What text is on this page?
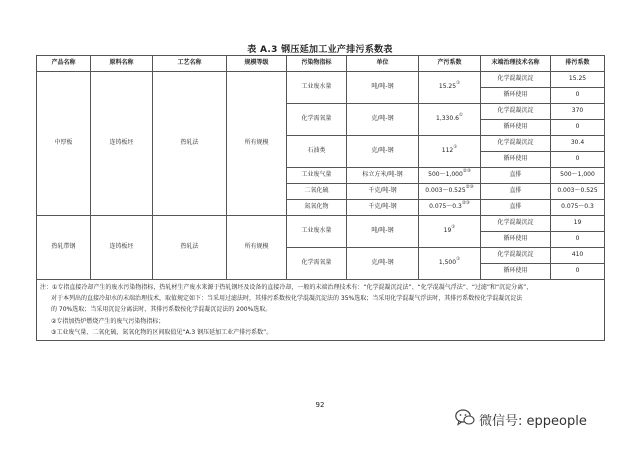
表 A.3 钢压延加工业产排污系数表
产品名称	原料名称	工艺名称	规模等级	污染物指标	单位	产污系数	末端治理技术名称	排污系数
中厚板	连铸板坯	热轧法	所有规模	工业废水量	吨/吨-钢	15.25①	化学混凝沉淀	15.25
							循环使用	0
				化学需氧量	克/吨-钢	1,330.6①	化学混凝沉淀	370
							循环使用	0
				石油类	克/吨-钢	112①	化学混凝沉淀	30.4
							循环使用	0
				工业废气量	标立方米/吨-钢	500～1,000②③	直排	500～1,000
				二氧化硫	千克/吨-钢	0.003～0.525②③	直排	0.003～0.525
				氮氧化物	千克/吨-钢	0.075～0.3②③	直排	0.075～0.3
热轧带钢	连铸板坯	热轧法	所有规模	工业废水量	吨/吨-钢	19①	化学混凝沉淀	19
							循环使用	0
				化学需氧量	克/吨-钢	1,500①	化学混凝沉淀	410
							循环使用	0

注：①专指直接冷却产生的废水污染物指标，热轧材生产废水来源于热轧钢坯及设备的直接冷却，一般的末端治理技术有：“化学混凝沉淀法”、“化学混凝气浮法”、“过滤”和“沉淀分离”，
对于本列出的直接冷却水的末端治理技术，取值规定如下：当采用过滤法时，其排污系数按化学混凝沉淀法的 35%选取；当采用化学混凝气浮法时，其排污系数按化学混凝沉淀法
的 70%选取；当采用沉淀分离法时，其排污系数按化学混凝沉淀法的 200%选取。
②专指加热炉燃烧产生的废气污染物指标；
③工业废气量、二氧化硫、氮氧化物的区间取值见“A.3 钢压延加工业产排污系数”。								
92
微信号: eppeople
